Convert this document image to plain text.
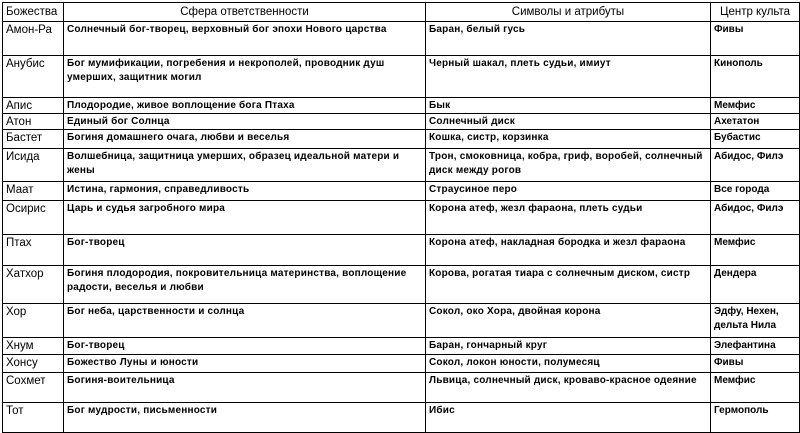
Божества	Сфера ответственности	Символы и атрибуты	Центр культа
Амон-Ра	Солнечный бог-творец, верховный бог эпохи Нового царства	Баран, белый гусь	Фивы
Анубис	Бог мумификации, погребения и некрополей, проводник душ умерших, защитник могил	Черный шакал, плеть судьи, имиут	Кинополь
Апис	Плодородие, живое воплощение бога Птаха	Бык	Мемфис
Атон	Единый бог Солнца	Солнечный диск	Ахетатон
Бастет	Богиня домашнего очага, любви и веселья	Кошка, систр, корзинка	Бубастис
Исида	Волшебница, защитница умерших, образец идеальной матери и жены	Трон, смоковница, кобра, гриф, воробей, солнечный диск между рогов	Абидос, Филэ
Маат	Истина, гармония, справедливость	Страусиное перо	Все города
Осирис	Царь и судья загробного мира	Корона атеф, жезл фараона, плеть судьи	Абидос, Филэ
Птах	Бог-творец	Корона атеф, накладная бородка и жезл фараона	Мемфис
Хатхор	Богиня плодородия, покровительница материнства, воплощение радости, веселья и любви	Корова, рогатая тиара с солнечным диском, систр	Дендера
Хор	Бог неба, царственности и солнца	Сокол, око Хора, двойная корона	Эдфу, Нехен, дельта Нила
Хнум	Бог-творец	Баран, гончарный круг	Элефантина
Хонсу	Божество Луны и юности	Сокол, локон юности, полумесяц	Фивы
Сохмет	Богиня-воительница	Львица, солнечный диск, кроваво-красное одеяние	Мемфис
Тот	Бог мудрости, письменности	Ибис	Гермополь
